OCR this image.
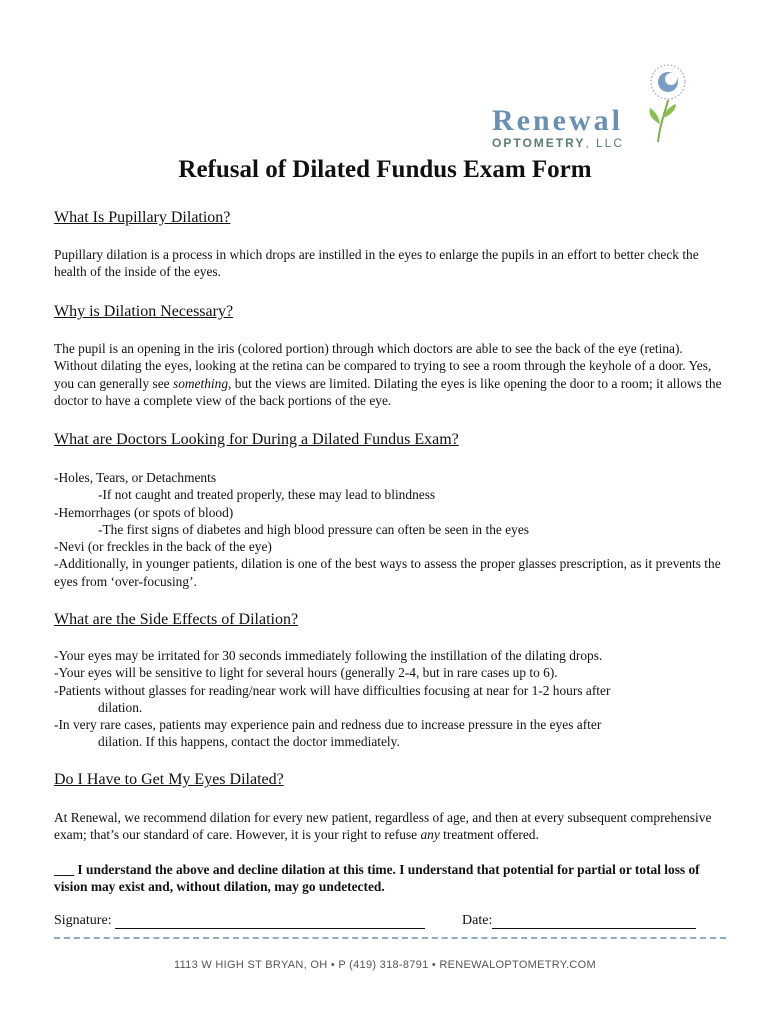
Renewal
OPTOMETRY, LLC
Refusal of Dilated Fundus Exam Form

What Is Pupillary Dilation?

Pupillary dilation is a process in which drops are instilled in the eyes to enlarge the pupils in an effort to better check the health of the inside of the eyes.

Why is Dilation Necessary?

The pupil is an opening in the iris (colored portion) through which doctors are able to see the back of the eye (retina). Without dilating the eyes, looking at the retina can be compared to trying to see a room through the keyhole of a door. Yes, you can generally see something, but the views are limited. Dilating the eyes is like opening the door to a room; it allows the doctor to have a complete view of the back portions of the eye.

What are Doctors Looking for During a Dilated Fundus Exam?

-Holes, Tears, or Detachments

-If not caught and treated properly, these may lead to blindness

-Hemorrhages (or spots of blood)

-The first signs of diabetes and high blood pressure can often be seen in the eyes

-Nevi (or freckles in the back of the eye)

-Additionally, in younger patients, dilation is one of the best ways to assess the proper glasses prescription, as it prevents the eyes from ‘over-focusing’.

What are the Side Effects of Dilation?

-Your eyes may be irritated for 30 seconds immediately following the instillation of the dilating drops.

-Your eyes will be sensitive to light for several hours (generally 2-4, but in rare cases up to 6).

-Patients without glasses for reading/near work will have difficulties focusing at near for 1-2 hours after

dilation.

-In very rare cases, patients may experience pain and redness due to increase pressure in the eyes after

dilation. If this happens, contact the doctor immediately.

Do I Have to Get My Eyes Dilated?

At Renewal, we recommend dilation for every new patient, regardless of age, and then at every subsequent comprehensive exam; that’s our standard of care. However, it is your right to refuse any treatment offered.

___ I understand the above and decline dilation at this time. I understand that potential for partial or total loss of vision may exist and, without dilation, may go undetected.

Signature:	Date:
1113 W HIGH ST BRYAN, OH • P (419) 318-8791 • RENEWALOPTOMETRY.COM
